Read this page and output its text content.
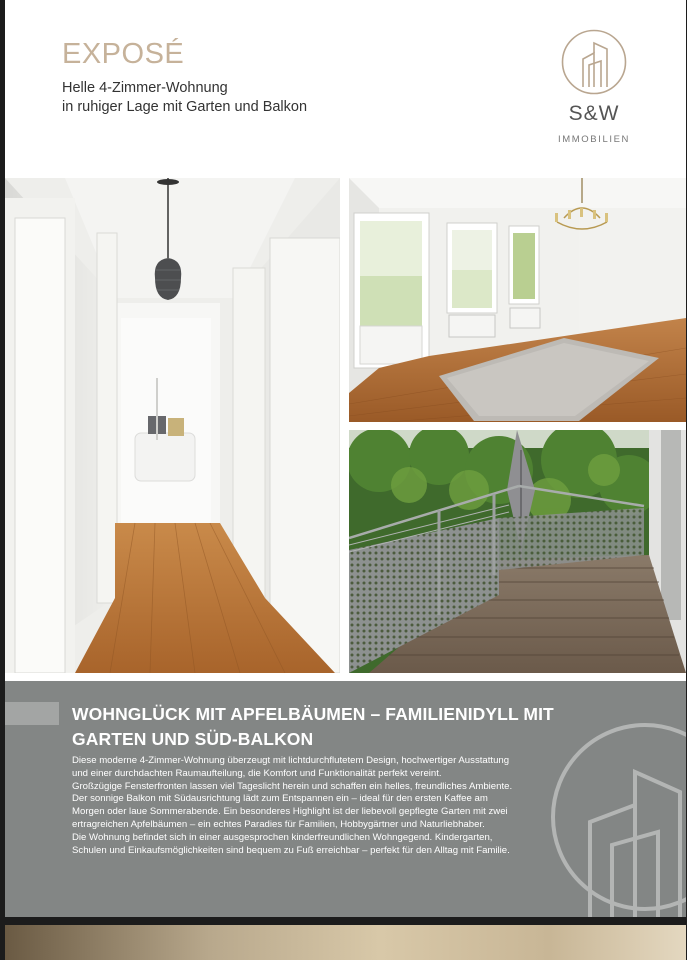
EXPOSÉ
Helle 4-Zimmer-Wohnung
in ruhiger Lage mit Garten und Balkon	S&W
IMMOBILIEN
WOHNGLÜCK MIT APFELBÄUMEN – FAMILIENIDYLL MIT GARTEN UND SÜD-BALKON

Diese moderne 4-Zimmer-Wohnung überzeugt mit lichtdurchflutetem Design, hochwertiger Ausstattung und einer durchdachten Raumaufteilung, die Komfort und Funktionalität perfekt vereint.

Großzügige Fensterfronten lassen viel Tageslicht herein und schaffen ein helles, freundliches Ambiente. Der sonnige Balkon mit Südausrichtung lädt zum Entspannen ein – ideal für den ersten Kaffee am Morgen oder laue Sommerabende. Ein besonderes Highlight ist der liebevoll gepflegte Garten mit zwei ertragreichen Apfelbäumen – ein echtes Paradies für Familien, Hobbygärtner und Naturliebhaber.

Die Wohnung befindet sich in einer ausgesprochen kinderfreundlichen Wohngegend. Kindergarten, Schulen und Einkaufsmöglichkeiten sind bequem zu Fuß erreichbar – perfekt für den Alltag mit Familie.
